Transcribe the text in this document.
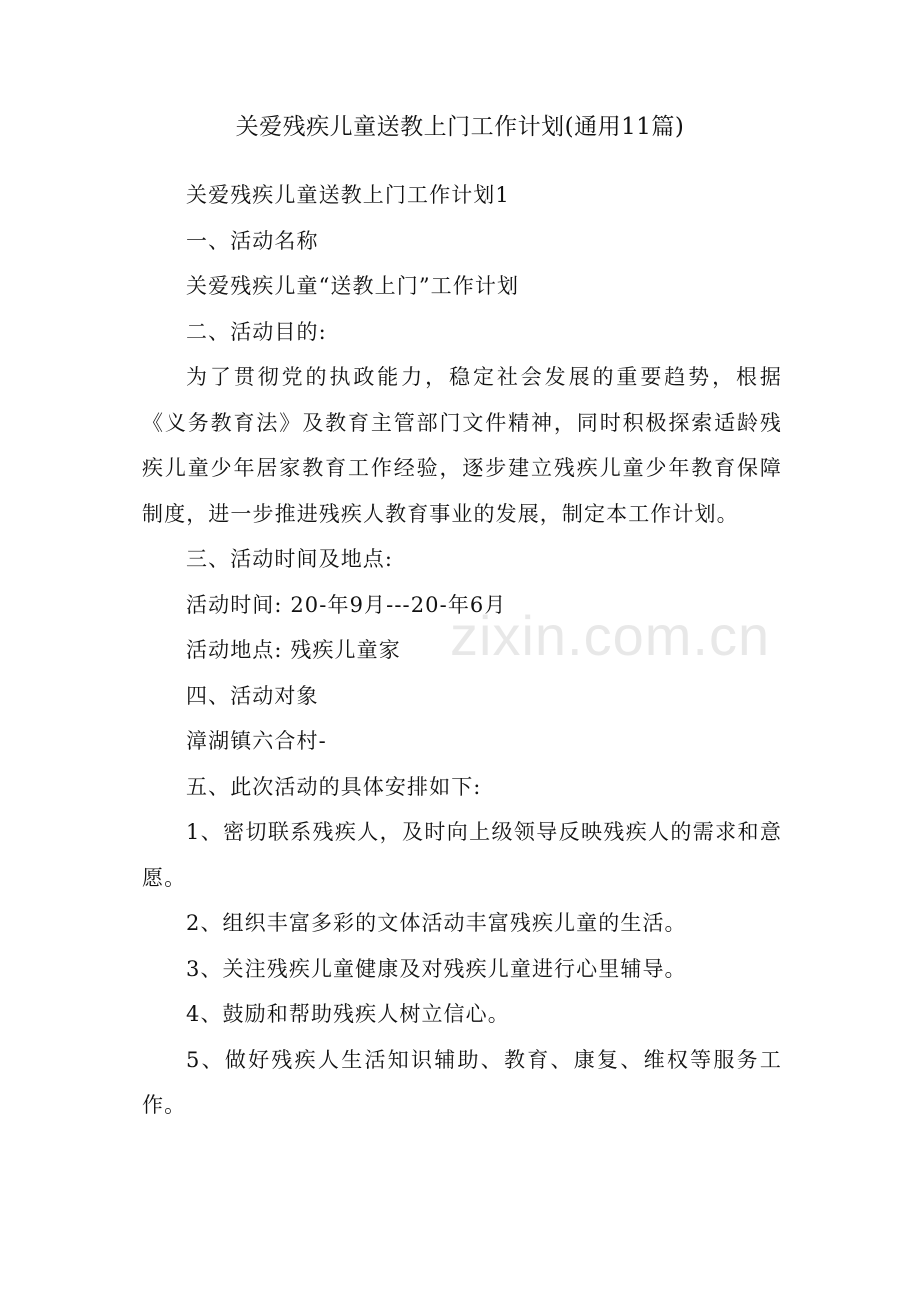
关爱残疾儿童送教上门工作计划(通用11篇)

关爱残疾儿童送教上门工作计划1

一、活动名称

关爱残疾儿童“送教上门”工作计划

二、活动目的:

为了贯彻党的执政能力，稳定社会发展的重要趋势，根据《义务教育法》及教育主管部门文件精神，同时积极探索适龄残疾儿童少年居家教育工作经验，逐步建立残疾儿童少年教育保障制度，进一步推进残疾人教育事业的发展，制定本工作计划。

三、活动时间及地点:

活动时间: 20-年9月---20-年6月

活动地点: 残疾儿童家

四、活动对象

漳湖镇六合村-

五、此次活动的具体安排如下:

1、密切联系残疾人，及时向上级领导反映残疾人的需求和意愿。

2、组织丰富多彩的文体活动丰富残疾儿童的生活。

3、关注残疾儿童健康及对残疾儿童进行心里辅导。

4、鼓励和帮助残疾人树立信心。

5、做好残疾人生活知识辅助、教育、康复、维权等服务工作。

zixin.com.cn
